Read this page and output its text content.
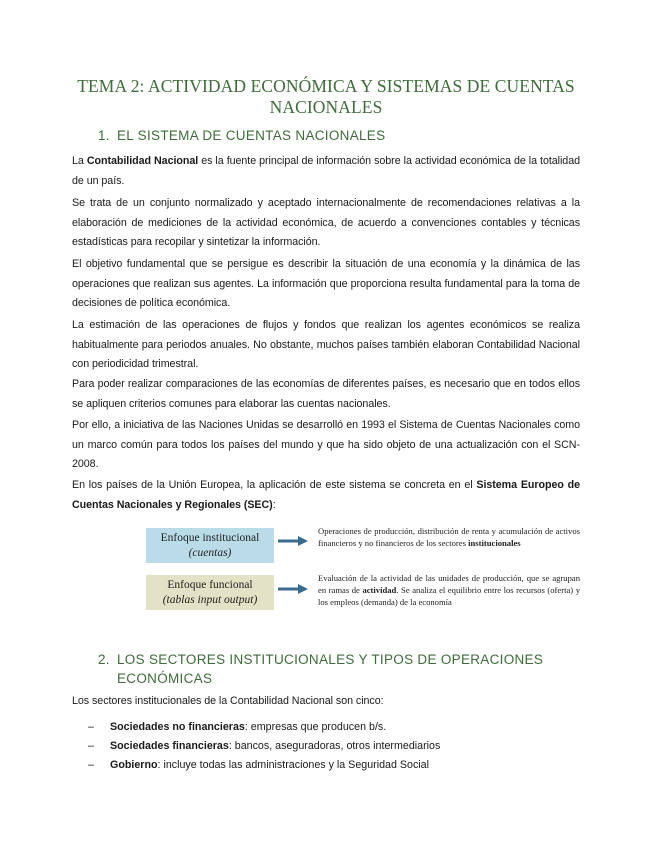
TEMA 2: ACTIVIDAD ECONÓMICA Y SISTEMAS DE CUENTAS NACIONALES
1. EL SISTEMA DE CUENTAS NACIONALES
La Contabilidad Nacional es la fuente principal de información sobre la actividad económica de la totalidad de un país.
Se trata de un conjunto normalizado y aceptado internacionalmente de recomendaciones relativas a la elaboración de mediciones de la actividad económica, de acuerdo a convenciones contables y técnicas estadísticas para recopilar y sintetizar la información.
El objetivo fundamental que se persigue es describir la situación de una economía y la dinámica de las operaciones que realizan sus agentes. La información que proporciona resulta fundamental para la toma de decisiones de política económica.
La estimación de las operaciones de flujos y fondos que realizan los agentes económicos se realiza habitualmente para periodos anuales. No obstante, muchos países también elaboran Contabilidad Nacional con periodicidad trimestral.
Para poder realizar comparaciones de las economías de diferentes países, es necesario que en todos ellos se apliquen criterios comunes para elaborar las cuentas nacionales.
Por ello, a iniciativa de las Naciones Unidas se desarrolló en 1993 el Sistema de Cuentas Nacionales como un marco común para todos los países del mundo y que ha sido objeto de una actualización con el SCN-2008.
En los países de la Unión Europea, la aplicación de este sistema se concreta en el Sistema Europeo de Cuentas Nacionales y Regionales (SEC):
Enfoque institucional
(cuentas)
Operaciones de producción, distribución de renta y acumulación de activos financieros y no financieros de los sectores institucionales
Enfoque funcional
(tablas input output)
Evaluación de la actividad de las unidades de producción, que se agrupan en ramas de actividad. Se analiza el equilibrio entre los recursos (oferta) y los empleos (demanda) de la economía
2. LOS SECTORES INSTITUCIONALES Y TIPOS DE OPERACIONES
ECONÓMICAS
Los sectores institucionales de la Contabilidad Nacional son cinco:
– Sociedades no financieras: empresas que producen b/s.
– Sociedades financieras: bancos, aseguradoras, otros intermediarios
– Gobierno: incluye todas las administraciones y la Seguridad Social
